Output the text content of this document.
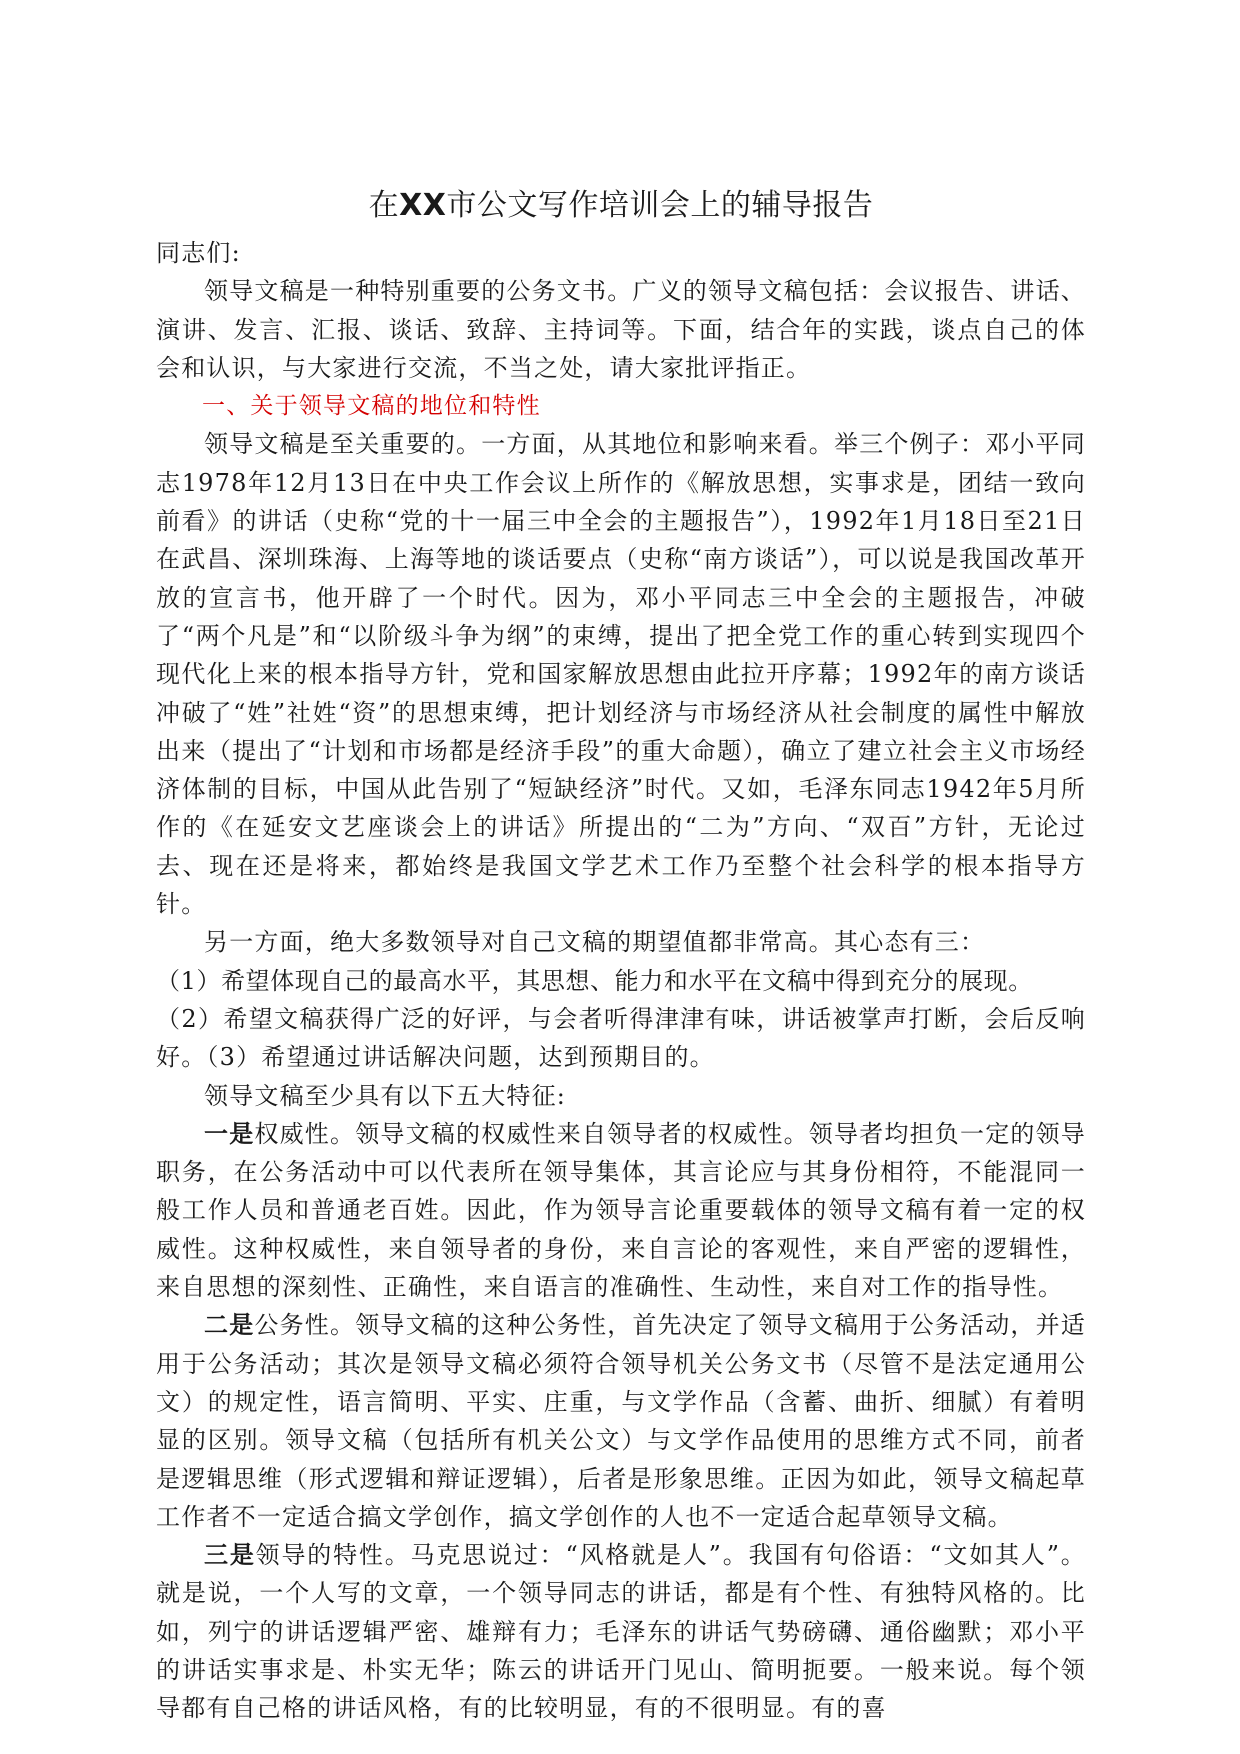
在XX市公文写作培训会上的辅导报告

同志们:

领导文稿是一种特别重要的公务文书。广义的领导文稿包括：会议报告、讲话、演讲、发言、汇报、谈话、致辞、主持词等。下面，结合年的实践，谈点自己的体会和认识，与大家进行交流，不当之处，请大家批评指正。

一、关于领导文稿的地位和特性

领导文稿是至关重要的。一方面，从其地位和影响来看。举三个例子：邓小平同志1978年12月13日在中央工作会议上所作的《解放思想，实事求是，团结一致向前看》的讲话（史称“党的十一届三中全会的主题报告”），1992年1月18日至21日在武昌、深圳珠海、上海等地的谈话要点（史称“南方谈话”），可以说是我国改革开放的宣言书，他开辟了一个时代。因为，邓小平同志三中全会的主题报告，冲破了“两个凡是”和“以阶级斗争为纲”的束缚，提出了把全党工作的重心转到实现四个现代化上来的根本指导方针，党和国家解放思想由此拉开序幕；1992年的南方谈话冲破了“姓”社姓“资”的思想束缚，把计划经济与市场经济从社会制度的属性中解放出来（提出了“计划和市场都是经济手段”的重大命题），确立了建立社会主义市场经济体制的目标，中国从此告别了“短缺经济”时代。又如，毛泽东同志1942年5月所作的《在延安文艺座谈会上的讲话》所提出的“二为”方向、“双百”方针，无论过去、现在还是将来，都始终是我国文学艺术工作乃至整个社会科学的根本指导方针。

另一方面，绝大多数领导对自己文稿的期望值都非常高。其心态有三：

（1）希望体现自己的最高水平，其思想、能力和水平在文稿中得到充分的展现。

（2）希望文稿获得广泛的好评，与会者听得津津有味，讲话被掌声打断，会后反响好。（3）希望通过讲话解决问题，达到预期目的。

领导文稿至少具有以下五大特征:

一是权威性。领导文稿的权威性来自领导者的权威性。领导者均担负一定的领导职务，在公务活动中可以代表所在领导集体，其言论应与其身份相符，不能混同一般工作人员和普通老百姓。因此，作为领导言论重要载体的领导文稿有着一定的权威性。这种权威性，来自领导者的身份，来自言论的客观性，来自严密的逻辑性，来自思想的深刻性、正确性，来自语言的准确性、生动性，来自对工作的指导性。

二是公务性。领导文稿的这种公务性，首先决定了领导文稿用于公务活动，并适用于公务活动；其次是领导文稿必须符合领导机关公务文书（尽管不是法定通用公文）的规定性，语言简明、平实、庄重，与文学作品（含蓄、曲折、细腻）有着明显的区别。领导文稿（包括所有机关公文）与文学作品使用的思维方式不同，前者是逻辑思维（形式逻辑和辩证逻辑），后者是形象思维。正因为如此，领导文稿起草工作者不一定适合搞文学创作，搞文学创作的人也不一定适合起草领导文稿。

三是领导的特性。马克思说过：“风格就是人”。我国有句俗语：“文如其人”。就是说，一个人写的文章，一个领导同志的讲话，都是有个性、有独特风格的。比如，列宁的讲话逻辑严密、雄辩有力；毛泽东的讲话气势磅礴、通俗幽默；邓小平的讲话实事求是、朴实无华；陈云的讲话开门见山、简明扼要。一般来说。每个领导都有自己格的讲话风格，有的比较明显，有的不很明显。有的喜
